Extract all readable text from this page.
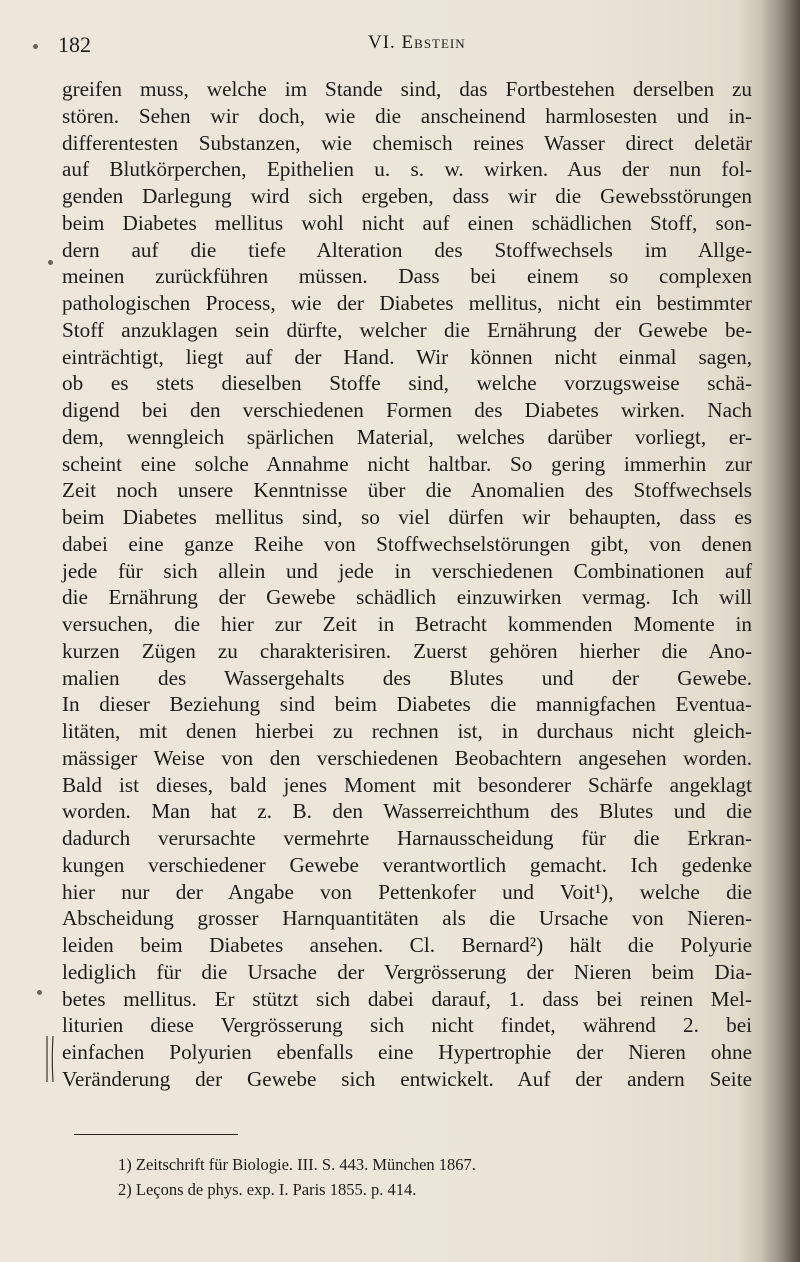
182	VI. Ebstein
greifen muss, welche im Stande sind, das Fortbestehen derselben zu
stören. Sehen wir doch, wie die anscheinend harmlosesten und in-
differentesten Substanzen, wie chemisch reines Wasser direct deletär
auf Blutkörperchen, Epithelien u. s. w. wirken. Aus der nun fol-
genden Darlegung wird sich ergeben, dass wir die Gewebsstörungen
beim Diabetes mellitus wohl nicht auf einen schädlichen Stoff, son-
dern auf die tiefe Alteration des Stoffwechsels im Allge-
meinen zurückführen müssen. Dass bei einem so complexen
pathologischen Process, wie der Diabetes mellitus, nicht ein bestimmter
Stoff anzuklagen sein dürfte, welcher die Ernährung der Gewebe be-
einträchtigt, liegt auf der Hand. Wir können nicht einmal sagen,
ob es stets dieselben Stoffe sind, welche vorzugsweise schä-
digend bei den verschiedenen Formen des Diabetes wirken. Nach
dem, wenngleich spärlichen Material, welches darüber vorliegt, er-
scheint eine solche Annahme nicht haltbar. So gering immerhin zur
Zeit noch unsere Kenntnisse über die Anomalien des Stoffwechsels
beim Diabetes mellitus sind, so viel dürfen wir behaupten, dass es
dabei eine ganze Reihe von Stoffwechselstörungen gibt, von denen
jede für sich allein und jede in verschiedenen Combinationen auf
die Ernährung der Gewebe schädlich einzuwirken vermag. Ich will
versuchen, die hier zur Zeit in Betracht kommenden Momente in
kurzen Zügen zu charakterisiren. Zuerst gehören hierher die Ano-
malien des Wassergehalts des Blutes und der Gewebe.
In dieser Beziehung sind beim Diabetes die mannigfachen Eventua-
litäten, mit denen hierbei zu rechnen ist, in durchaus nicht gleich-
mässiger Weise von den verschiedenen Beobachtern angesehen worden.
Bald ist dieses, bald jenes Moment mit besonderer Schärfe angeklagt
worden. Man hat z. B. den Wasserreichthum des Blutes und die
dadurch verursachte vermehrte Harnausscheidung für die Erkran-
kungen verschiedener Gewebe verantwortlich gemacht. Ich gedenke
hier nur der Angabe von Pettenkofer und Voit¹), welche die
Abscheidung grosser Harnquantitäten als die Ursache von Nieren-
leiden beim Diabetes ansehen. Cl. Bernard²) hält die Polyurie
lediglich für die Ursache der Vergrösserung der Nieren beim Dia-
betes mellitus. Er stützt sich dabei darauf, 1. dass bei reinen Mel-
liturien diese Vergrösserung sich nicht findet, während 2. bei
einfachen Polyurien ebenfalls eine Hypertrophie der Nieren ohne
Veränderung der Gewebe sich entwickelt. Auf der andern Seite
1) Zeitschrift für Biologie. III. S. 443. München 1867.
2) Leçons de phys. exp. I. Paris 1855. p. 414.
